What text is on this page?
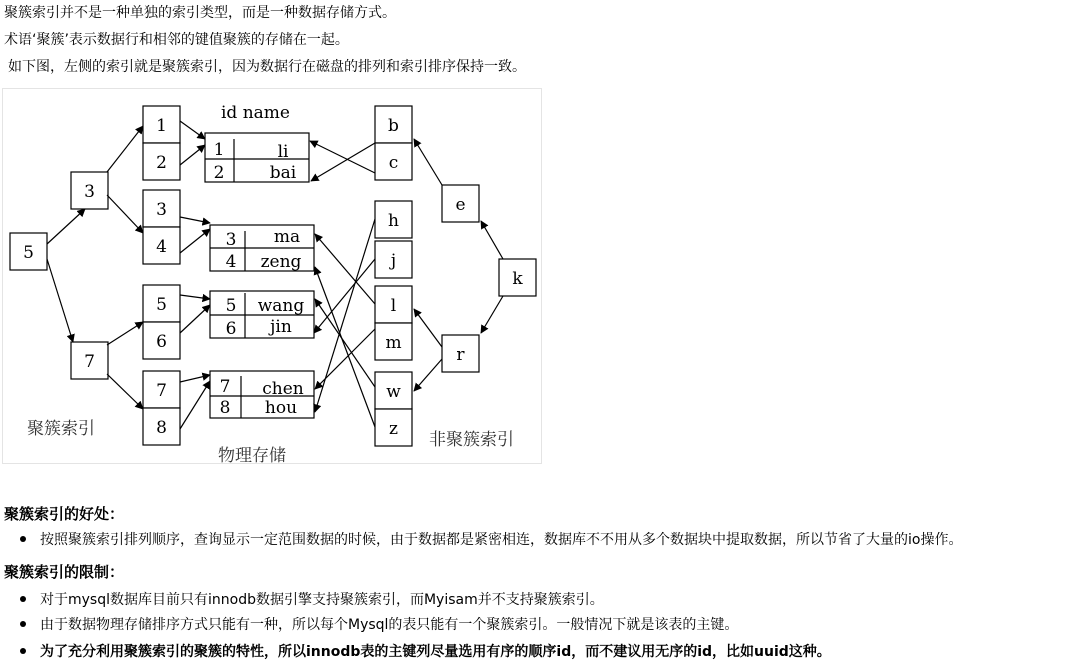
聚簇索引并不是一种单独的索引类型，而是一种数据存储方式。
术语‘聚簇’表示数据行和相邻的键值聚簇的存储在一起。
如下图，左侧的索引就是聚簇索引，因为数据行在磁盘的排列和索引排序保持一致。
5
3
7
1
2
3
4
5
6
7
8
id name
1	li
2	bai
3 ma
4 zeng
5 wang
6 jin
7 chen
8 hou
b
c
h
j
l
m
w
z
e
k
r
聚簇索引
物理存储
非聚簇索引
聚簇索引的好处：
按照聚簇索引排列顺序，查询显示一定范围数据的时候，由于数据都是紧密相连，数据库不不用从多个数据块中提取数据，所以节省了大量的io操作。
聚簇索引的限制：
对于mysql数据库目前只有innodb数据引擎支持聚簇索引，而Myisam并不支持聚簇索引。
由于数据物理存储排序方式只能有一种，所以每个Mysql的表只能有一个聚簇索引。一般情况下就是该表的主键。
为了充分利用聚簇索引的聚簇的特性，所以innodb表的主键列尽量选用有序的顺序id，而不建议用无序的id，比如uuid这种。
